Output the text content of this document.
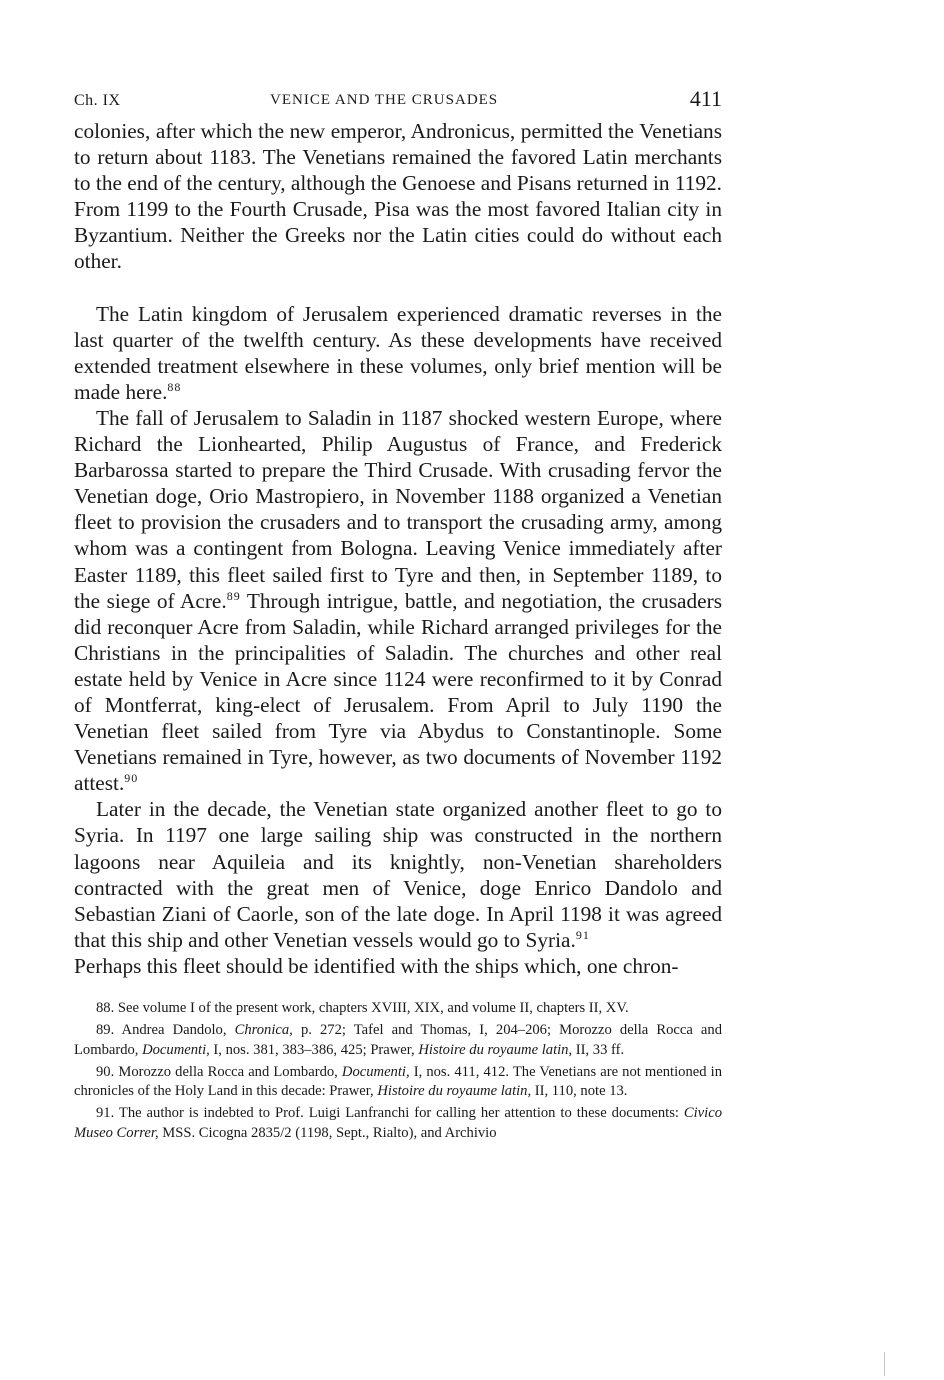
Ch. IX	VENICE AND THE CRUSADES	411

colonies, after which the new emperor, Andronicus, permitted the Venetians to return about 1183. The Venetians remained the favored Latin merchants to the end of the century, although the Genoese and Pisans returned in 1192. From 1199 to the Fourth Crusade, Pisa was the most favored Italian city in Byzantium. Neither the Greeks nor the Latin cities could do without each other.

The Latin kingdom of Jerusalem experienced dramatic reverses in the last quarter of the twelfth century. As these developments have received extended treatment elsewhere in these volumes, only brief mention will be made here.$^{88}$

The fall of Jerusalem to Saladin in 1187 shocked western Europe, where Richard the Lionhearted, Philip Augustus of France, and Frederick Barbarossa started to prepare the Third Crusade. With crusading fervor the Venetian doge, Orio Mastropiero, in November 1188 organized a Venetian fleet to provision the crusaders and to transport the crusading army, among whom was a contingent from Bologna. Leaving Venice immediately after Easter 1189, this fleet sailed first to Tyre and then, in September 1189, to the siege of Acre.$^{89}$ Through intrigue, battle, and negotiation, the crusaders did reconquer Acre from Saladin, while Richard arranged privileges for the Christians in the principalities of Saladin. The churches and other real estate held by Venice in Acre since 1124 were reconfirmed to it by Conrad of Montferrat, king-elect of Jerusalem. From April to July 1190 the Venetian fleet sailed from Tyre via Abydus to Constantinople. Some Venetians remained in Tyre, however, as two documents of November 1192 attest.$^{90}$

Later in the decade, the Venetian state organized another fleet to go to Syria. In 1197 one large sailing ship was constructed in the northern lagoons near Aquileia and its knightly, non-Venetian shareholders contracted with the great men of Venice, doge Enrico Dandolo and Sebastian Ziani of Caorle, son of the late doge. In April 1198 it was agreed that this ship and other Venetian vessels would go to Syria.$^{91}$

Perhaps this fleet should be identified with the ships which, one chron-

88. See volume I of the present work, chapters XVIII, XIX, and volume II, chapters II, XV.

89. Andrea Dandolo, Chronica, p. 272; Tafel and Thomas, I, 204–206; Morozzo della Rocca and Lombardo, Documenti, I, nos. 381, 383–386, 425; Prawer, Histoire du royaume latin, II, 33 ff.

90. Morozzo della Rocca and Lombardo, Documenti, I, nos. 411, 412. The Venetians are not mentioned in chronicles of the Holy Land in this decade: Prawer, Histoire du royaume latin, II, 110, note 13.

91. The author is indebted to Prof. Luigi Lanfranchi for calling her attention to these documents: Civico Museo Correr, MSS. Cicogna 2835/2 (1198, Sept., Rialto), and Archivio
